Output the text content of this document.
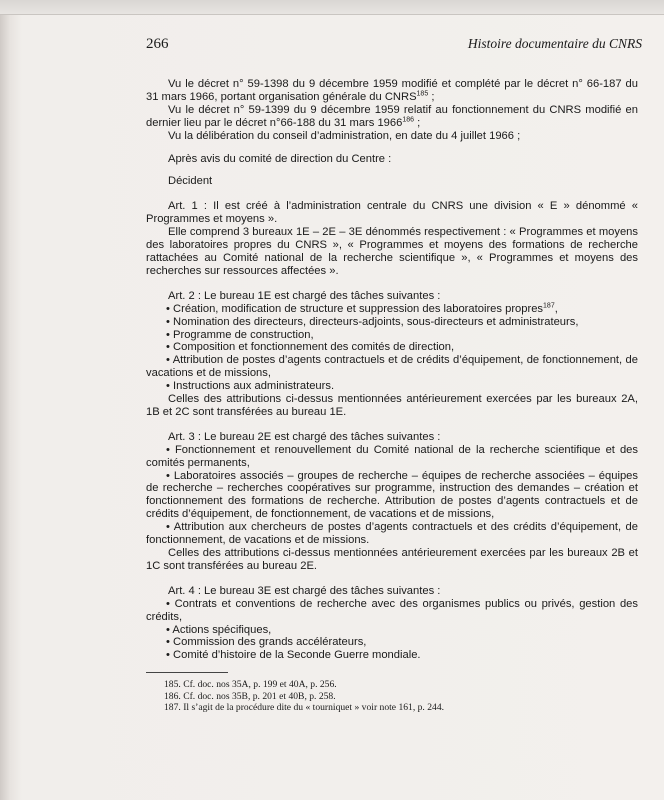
266	Histoire documentaire du CNRS

Vu le décret n° 59-1398 du 9 décembre 1959 modifié et complété par le décret n° 66-187 du 31 mars 1966, portant organisation générale du CNRS$^{185}$ ;

Vu le décret n° 59-1399 du 9 décembre 1959 relatif au fonctionnement du CNRS modifié en dernier lieu par le décret n°66-188 du 31 mars 1966$^{186}$ ;

Vu la délibération du conseil d’administration, en date du 4 juillet 1966 ;

Après avis du comité de direction du Centre :

Décident

Art. 1 : Il est créé à l’administration centrale du CNRS une division « E » dénommé « Programmes et moyens ».

Elle comprend 3 bureaux 1E – 2E – 3E dénommés respectivement : « Programmes et moyens des laboratoires propres du CNRS », « Programmes et moyens des formations de recherche rattachées au Comité national de la recherche scientifique », « Programmes et moyens des recherches sur ressources affectées ».

Art. 2 : Le bureau 1E est chargé des tâches suivantes :

• Création, modification de structure et suppression des laboratoires propres$^{187}$,

• Nomination des directeurs, directeurs-adjoints, sous-directeurs et administrateurs,

• Programme de construction,

• Composition et fonctionnement des comités de direction,

• Attribution de postes d’agents contractuels et de crédits d’équipement, de fonctionnement, de vacations et de missions,

• Instructions aux administrateurs.

Celles des attributions ci-dessus mentionnées antérieurement exercées par les bureaux 2A, 1B et 2C sont transférées au bureau 1E.

Art. 3 : Le bureau 2E est chargé des tâches suivantes :

• Fonctionnement et renouvellement du Comité national de la recherche scientifique et des comités permanents,

• Laboratoires associés – groupes de recherche – équipes de recherche associées – équipes de recherche – recherches coopératives sur programme, instruction des demandes – création et fonctionnement des formations de recherche. Attribution de postes d’agents contractuels et de crédits d’équipement, de fonctionnement, de vacations et de missions,

• Attribution aux chercheurs de postes d’agents contractuels et des crédits d’équipement, de fonctionnement, de vacations et de missions.

Celles des attributions ci-dessus mentionnées antérieurement exercées par les bureaux 2B et 1C sont transférées au bureau 2E.

Art. 4 : Le bureau 3E est chargé des tâches suivantes :

• Contrats et conventions de recherche avec des organismes publics ou privés, gestion des crédits,

• Actions spécifiques,

• Commission des grands accélérateurs,

• Comité d’histoire de la Seconde Guerre mondiale.

185. Cf. doc. nos 35A, p. 199 et 40A, p. 256.

186. Cf. doc. nos 35B, p. 201 et 40B, p. 258.

187. Il s’agit de la procédure dite du « tourniquet » voir note 161, p. 244.
